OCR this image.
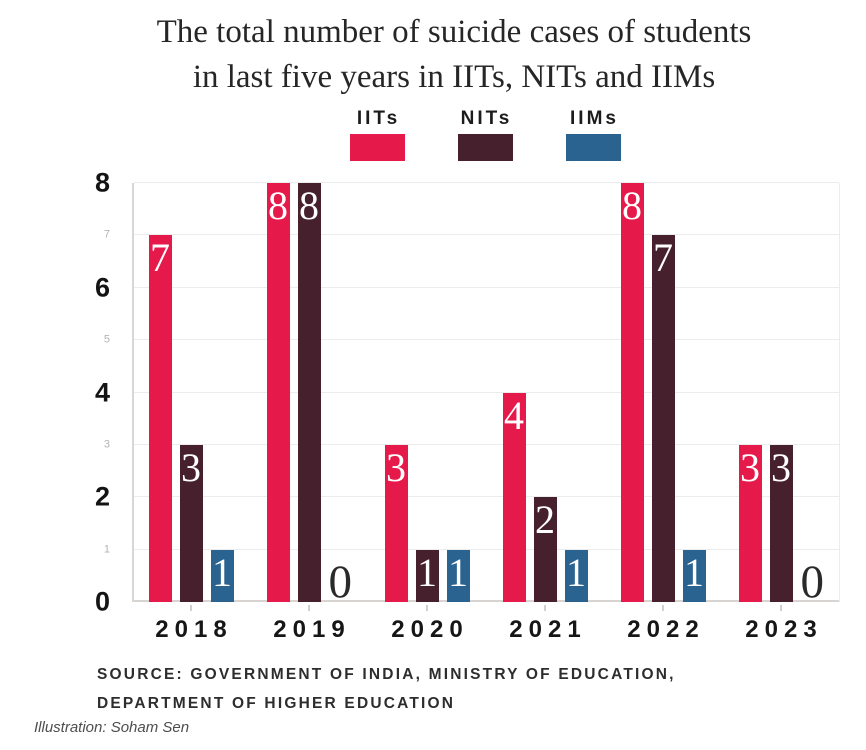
The total number of suicide cases of students
in last five years in IITs, NITs and IIMs
IITs	NITs	IIMs
0
1
2
3
4
5
6
7
8
7
3
1
8 8
0
3
1 1
4
2
1
8
7
1
3 3
0
2018	2019	2020	2021	2022	2023
SOURCE: GOVERNMENT OF INDIA, MINISTRY OF EDUCATION,
DEPARTMENT OF HIGHER EDUCATION
Illustration: Soham Sen
